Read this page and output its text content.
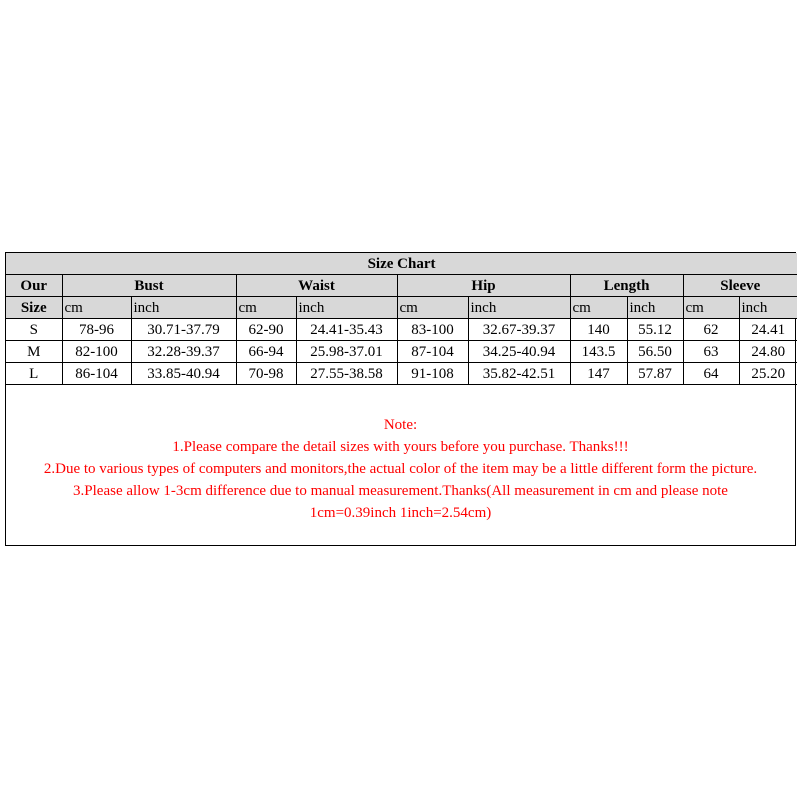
Size Chart										
Our	Bust		Waist		Hip		Length		Sleeve	
Size	cm	inch	cm	inch	cm	inch	cm	inch	cm	inch
S	78-96	30.71-37.79	62-90	24.41-35.43	83-100	32.67-39.37	140	55.12	62	24.41
M	82-100	32.28-39.37	66-94	25.98-37.01	87-104	34.25-40.94	143.5	56.50	63	24.80
L	86-104	33.85-40.94	70-98	27.55-38.58	91-108	35.82-42.51	147	57.87	64	25.20

Note:

1.Please compare the detail sizes with yours before you purchase. Thanks!!!

2.Due to various types of computers and monitors,the actual color of the item may be a little different form the picture.

3.Please allow 1-3cm difference due to manual measurement.Thanks(All measurement in cm and please note

1cm=0.39inch 1inch=2.54cm)
